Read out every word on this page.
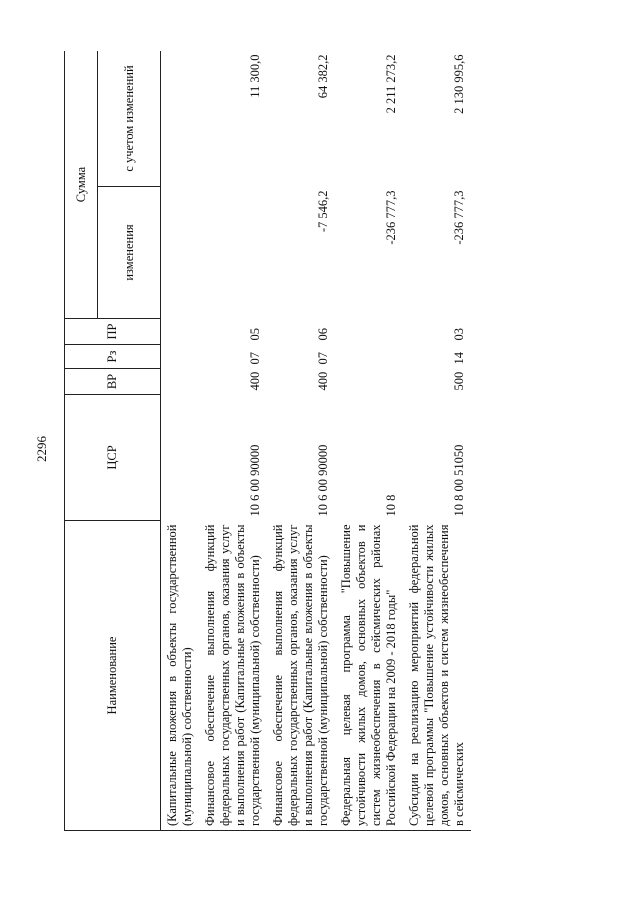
2296
Наименование	ЦСР	ВР	Рз	ПР	Сумма	
					изменения	с учетом изменений
(Капитальные вложения в объекты государственной (муниципальной) собственности)						
Финансовое обеспечение выполнения функций федеральных государственных органов, оказания услуг и выполнения работ (Капитальные вложения в объекты государственной (муниципальной) собственности)	10 6 00 90000	400	07	05		11 300,0
Финансовое обеспечение выполнения функций федеральных государственных органов, оказания услуг и выполнения работ (Капитальные вложения в объекты государственной (муниципальной) собственности)	10 6 00 90000	400	07	06	-7 546,2	64 382,2
Федеральная целевая программа "Повышение устойчивости жилых домов, основных объектов и систем жизнеобеспечения в сейсмических районах Российской Федерации на 2009 - 2018 годы"	10 8				-236 777,3	2 211 273,2
Субсидии на реализацию мероприятий федеральной целевой программы "Повышение устойчивости жилых домов, основных объектов и систем жизнеобеспечения в сейсмических	10 8 00 51050	500	14	03	-236 777,3	2 130 995,6
